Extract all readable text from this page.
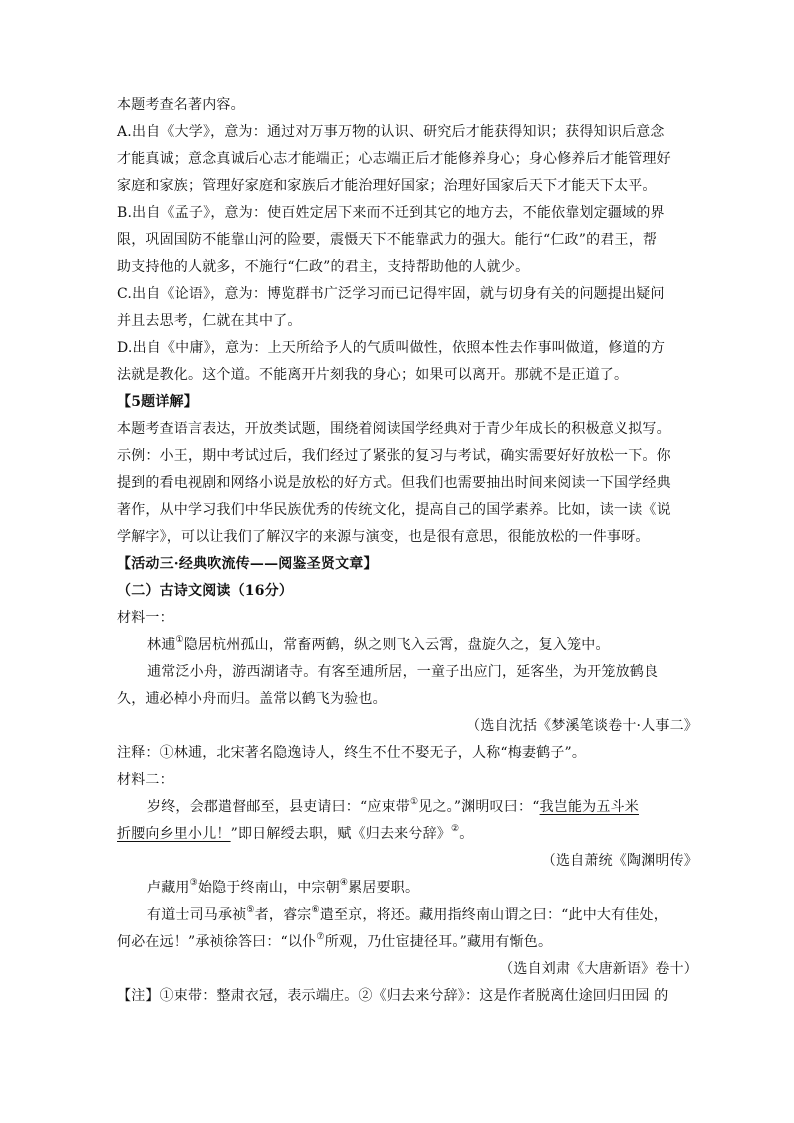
本题考查名著内容。
A.出自《大学》，意为：通过对万事万物的认识、研究后才能获得知识；获得知识后意念
才能真诚；意念真诚后心志才能端正；心志端正后才能修养身心；身心修养后才能管理好
家庭和家族；管理好家庭和家族后才能治理好国家；治理好国家后天下才能天下太平。
B.出自《孟子》，意为：使百姓定居下来而不迁到其它的地方去，不能依靠划定疆域的界
限，巩固国防不能靠山河的险要，震慑天下不能靠武力的强大。能行“仁政”的君王，帮
助支持他的人就多，不施行“仁政”的君主，支持帮助他的人就少。
C.出自《论语》，意为：博览群书广泛学习而已记得牢固，就与切身有关的问题提出疑问
并且去思考，仁就在其中了。
D.出自《中庸》，意为：上天所给予人的气质叫做性，依照本性去作事叫做道，修道的方
法就是教化。这个道。不能离开片刻我的身心；如果可以离开。那就不是正道了。
【5题详解】
本题考查语言表达，开放类试题，围绕着阅读国学经典对于青少年成长的积极意义拟写。
示例：小王，期中考试过后，我们经过了紧张的复习与考试，确实需要好好放松一下。你
提到的看电视剧和网络小说是放松的好方式。但我们也需要抽出时间来阅读一下国学经典
著作，从中学习我们中华民族优秀的传统文化，提高自己的国学素养。比如，读一读《说
学解字》，可以让我们了解汉字的来源与演变，也是很有意思，很能放松的一件事呀。
【活动三·经典吹流传——阅鉴圣贤文章】
（二）古诗文阅读（16分）
材料一：
林逋①隐居杭州孤山，常畜两鹤，纵之则飞入云霄，盘旋久之，复入笼中。
逋常泛小舟，游西湖诸寺。有客至逋所居，一童子出应门，延客坐，为开笼放鹤良
久，逋必棹小舟而归。盖常以鹤飞为验也。
（选自沈括《梦溪笔谈卷十·人事二》
注释：①林逋，北宋著名隐逸诗人，终生不仕不娶无子，人称“梅妻鹤子”。
材料二：
岁终，会郡遣督邮至，县吏请曰：“应束带①见之。”渊明叹曰：“我岂能为五斗米
折腰向乡里小儿！”即日解绶去职，赋《归去来兮辞》②。
（选自萧统《陶渊明传》
卢藏用③始隐于终南山，中宗朝④累居要职。
有道士司马承祯⑤者，睿宗⑥遣至京，将还。藏用指终南山谓之曰：“此中大有佳处，
何必在远！”承祯徐答曰：“以仆⑦所观，乃仕宦捷径耳。”藏用有惭色。
（选自刘肃《大唐新语》卷十）
【注】①束带：整肃衣冠，表示端庄。②《归去来兮辞》：这是作者脱离仕途回归田园 的
